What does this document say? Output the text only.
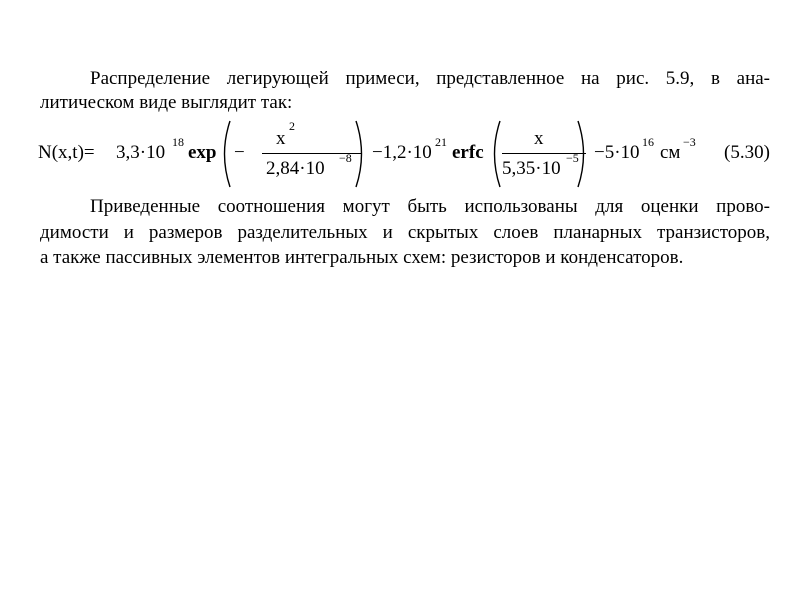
Распределение легирующей примеси, представленное на рис. 5.9, в ана-
литическом виде выглядит так:
N(x,t)= 3,3·10 18 exp −
x
2
2,84·10 −8 −1,2·10 21 erfc
x
5,35·10 −5 −5·10 16 см −3 (5.30)
Приведенные соотношения могут быть использованы для оценки прово-
димости и размеров разделительных и скрытых слоев планарных транзисторов,
а также пассивных элементов интегральных схем: резисторов и конденсаторов.
